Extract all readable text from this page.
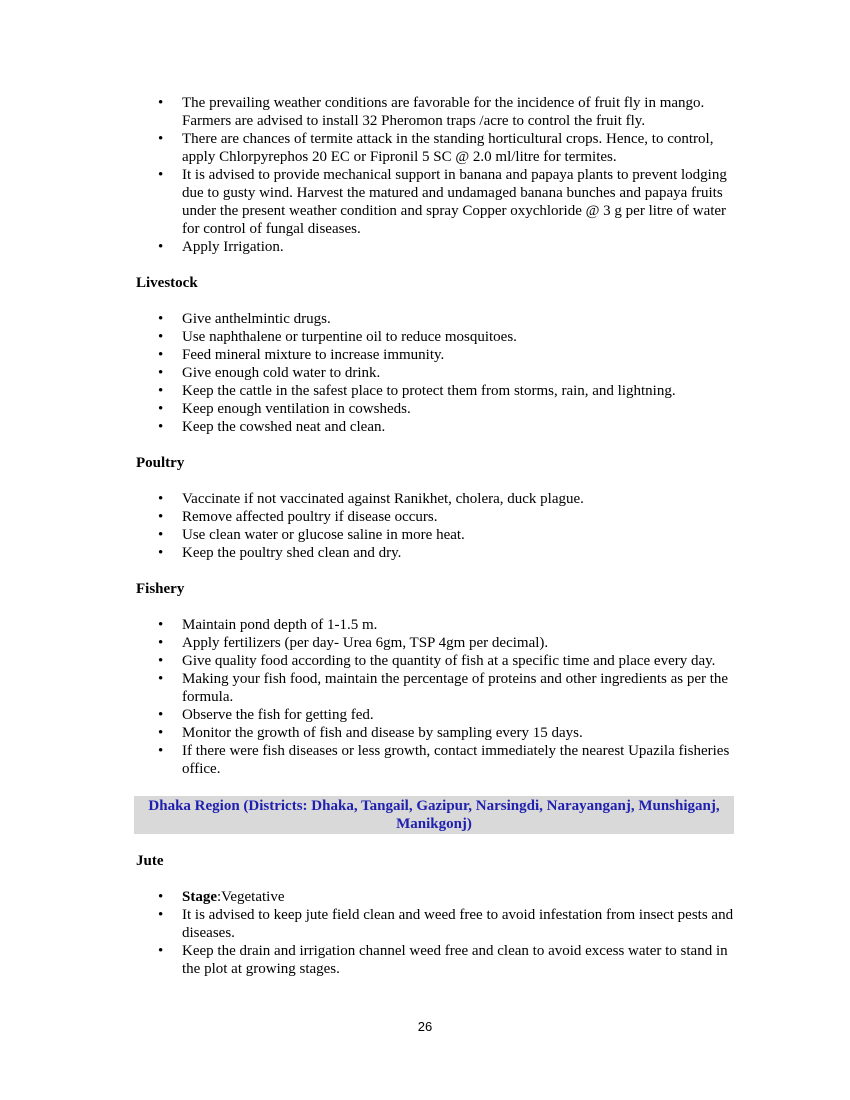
• The prevailing weather conditions are favorable for the incidence of fruit fly in mango. Farmers are advised to install 32 Pheromon traps /acre to control the fruit fly.
• There are chances of termite attack in the standing horticultural crops. Hence, to control, apply Chlorpyrephos 20 EC or Fipronil 5 SC @ 2.0 ml/litre for termites.
• It is advised to provide mechanical support in banana and papaya plants to prevent lodging due to gusty wind. Harvest the matured and undamaged banana bunches and papaya fruits under the present weather condition and spray Copper oxychloride @ 3 g per litre of water for control of fungal diseases.
• Apply Irrigation.
Livestock
• Give anthelmintic drugs.
• Use naphthalene or turpentine oil to reduce mosquitoes.
• Feed mineral mixture to increase immunity.
• Give enough cold water to drink.
• Keep the cattle in the safest place to protect them from storms, rain, and lightning.
• Keep enough ventilation in cowsheds.
• Keep the cowshed neat and clean.
Poultry
• Vaccinate if not vaccinated against Ranikhet, cholera, duck plague.
• Remove affected poultry if disease occurs.
• Use clean water or glucose saline in more heat.
• Keep the poultry shed clean and dry.
Fishery
• Maintain pond depth of 1-1.5 m.
• Apply fertilizers (per day- Urea 6gm, TSP 4gm per decimal).
• Give quality food according to the quantity of fish at a specific time and place every day.
• Making your fish food, maintain the percentage of proteins and other ingredients as per the formula.
• Observe the fish for getting fed.
• Monitor the growth of fish and disease by sampling every 15 days.
• If there were fish diseases or less growth, contact immediately the nearest Upazila fisheries office.
Dhaka Region (Districts: Dhaka, Tangail, Gazipur, Narsingdi, Narayanganj, Munshiganj, Manikgonj)
Jute
• Stage:Vegetative
• It is advised to keep jute field clean and weed free to avoid infestation from insect pests and diseases.
• Keep the drain and irrigation channel weed free and clean to avoid excess water to stand in the plot at growing stages.
26
